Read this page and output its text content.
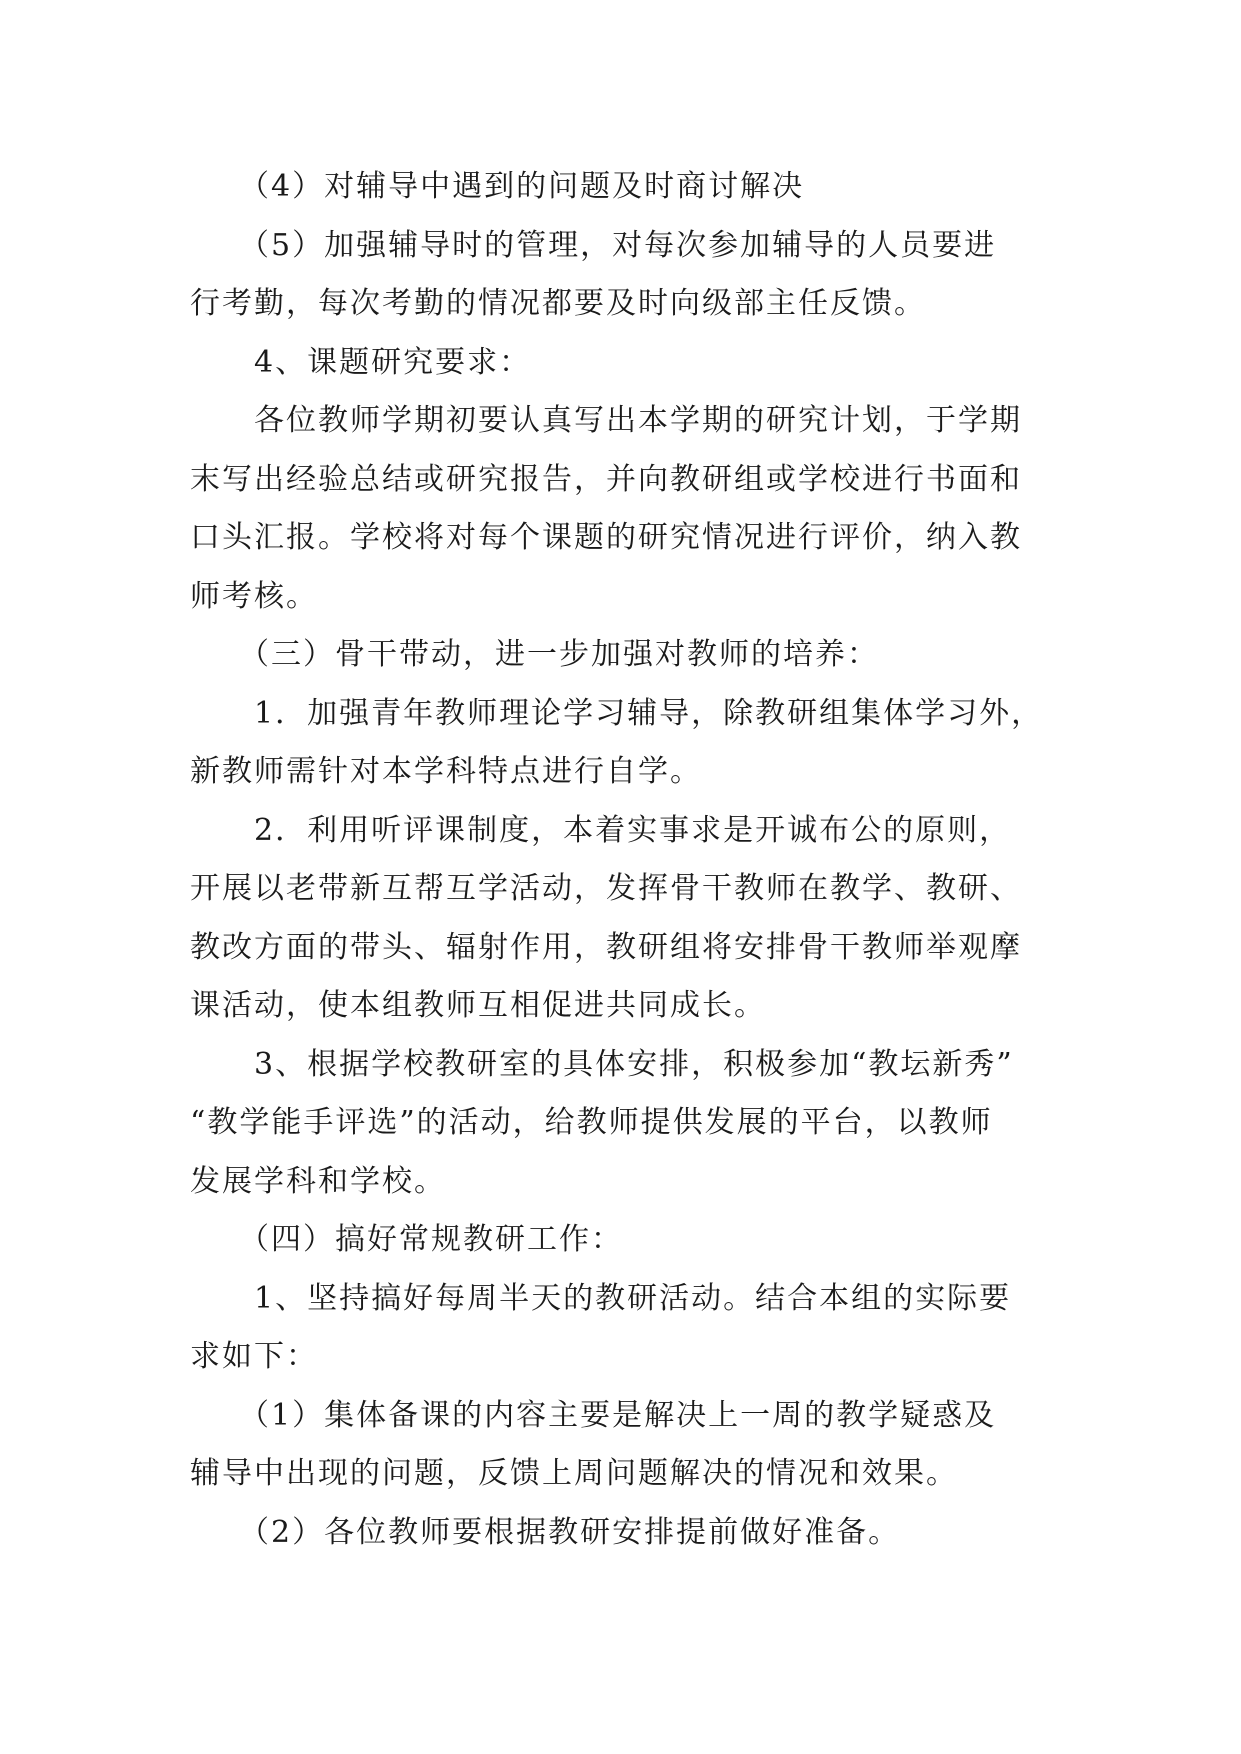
　　（4）对辅导中遇到的问题及时商讨解决

　　（5）加强辅导时的管理，对每次参加辅导的人员要进
行考勤，每次考勤的情况都要及时向级部主任反馈。

　　4、课题研究要求：

　　各位教师学期初要认真写出本学期的研究计划，于学期
末写出经验总结或研究报告，并向教研组或学校进行书面和
口头汇报。学校将对每个课题的研究情况进行评价，纳入教
师考核。

　　（三）骨干带动，进一步加强对教师的培养：

　　1．加强青年教师理论学习辅导，除教研组集体学习外，
新教师需针对本学科特点进行自学。

　　2．利用听评课制度，本着实事求是开诚布公的原则，
开展以老带新互帮互学活动，发挥骨干教师在教学、教研、
教改方面的带头、辐射作用，教研组将安排骨干教师举观摩
课活动，使本组教师互相促进共同成长。

　　3、根据学校教研室的具体安排，积极参加“教坛新秀”
“教学能手评选”的活动，给教师提供发展的平台，以教师
发展学科和学校。

　　（四）搞好常规教研工作：

　　1、坚持搞好每周半天的教研活动。结合本组的实际要
求如下：

　　（1）集体备课的内容主要是解决上一周的教学疑惑及
辅导中出现的问题，反馈上周问题解决的情况和效果。

　　（2）各位教师要根据教研安排提前做好准备。
